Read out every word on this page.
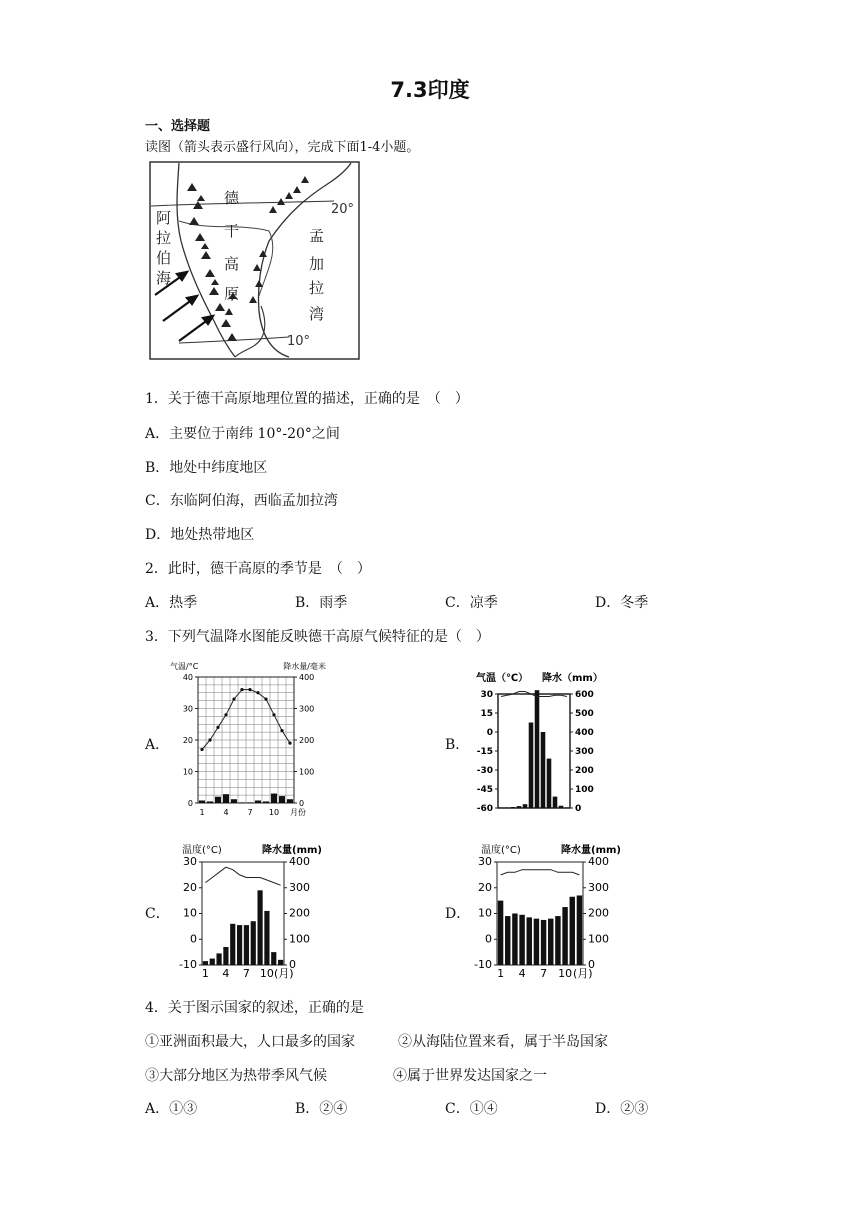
7.3印度
一、选择题
读图（箭头表示盛行风向），完成下面1-4小题。
20°
10°
德
干
高
原
阿
拉
伯
海
孟
加
拉
湾
1．关于德干高原地理位置的描述，正确的是　（　）
A．主要位于南纬 10°-20°之间
B．地处中纬度地区
C．东临阿伯海，西临孟加拉湾
D．地处热带地区
2．此时，德干高原的季节是　（　）
A．热季	B．雨季	C．凉季	D．冬季
3．下列气温降水图能反映德干高原气候特征的是（　）
A．	B．
C．	D．
气温/°C	降水量/毫米
0
10
20
30
40
0
100
200
300
400
1 4 7 10 月份
气温（℃） 降水（mm）
-60
-45
-30
-15
0
15
30
0
100
200
300
400
500
600
温度(°C)	降水量(mm)
-10
0
10
20
30
0
100
200
300
400
1 4 7 10 (月)
温度(°C)	降水量(mm)
-10
0
10
20
30
0
100
200
300
400
1 4 7 10 (月)
4．关于图示国家的叙述，正确的是
①亚洲面积最大，人口最多的国家	②从海陆位置来看，属于半岛国家
③大部分地区为热带季风气候	④属于世界发达国家之一
A．①③	B．②④	C．①④	D．②③
